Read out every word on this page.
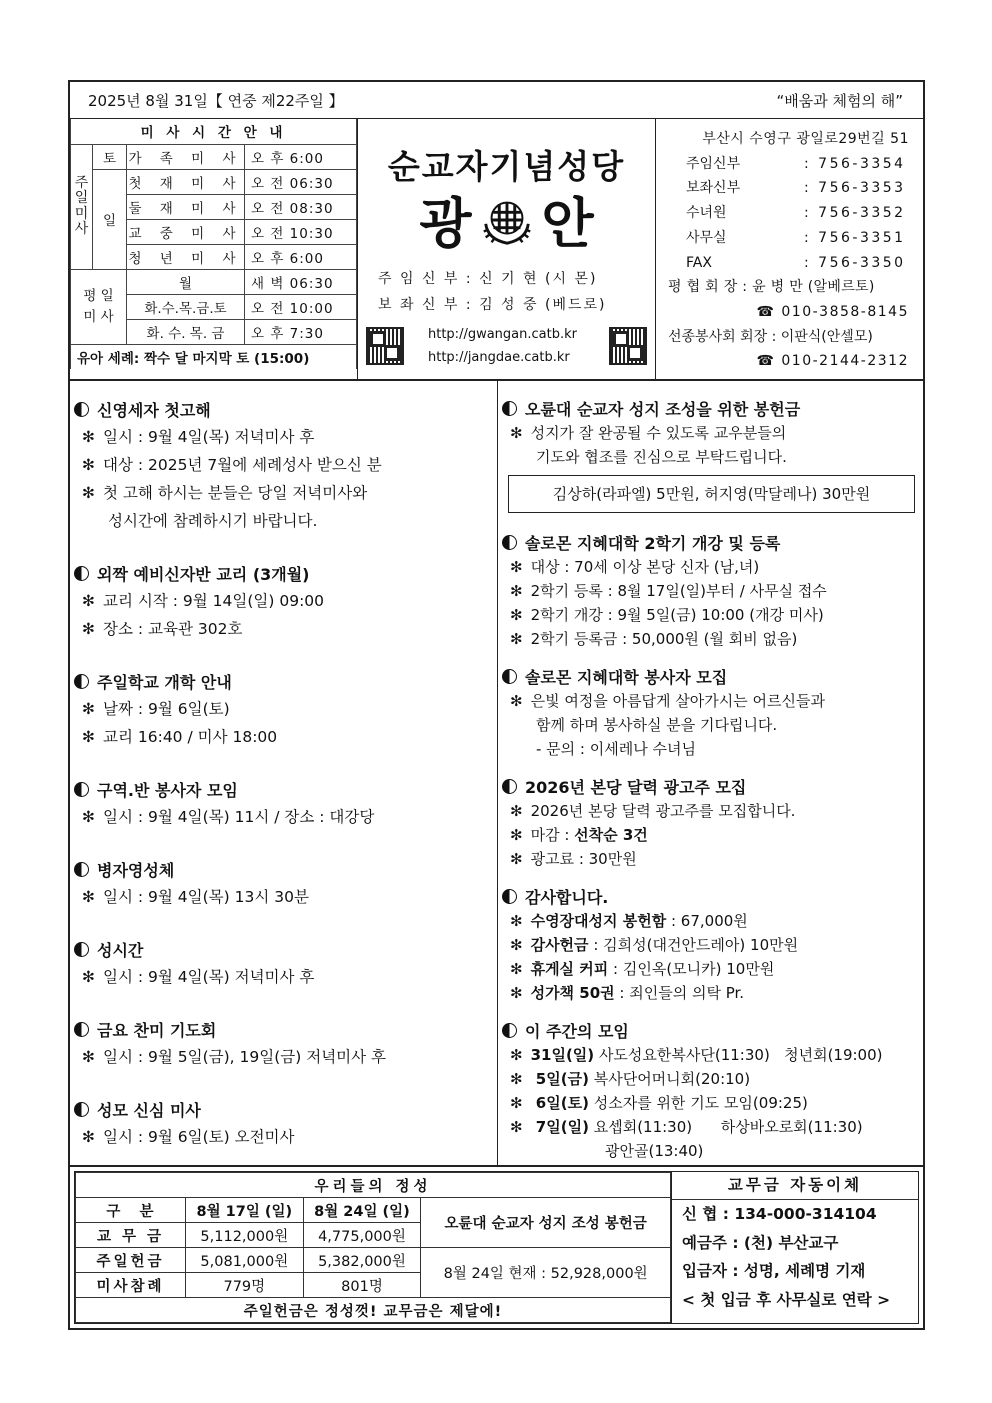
2025년 8월 31일【 연중 제22주일 】	“배움과 체험의 해”
미 사 시 간 안 내			
주
일
미
사	토	가 족 미 사	오 후 6:00
	일	첫 재 미 사	오 전 06:30
		둘 재 미 사	오 전 08:30
		교 중 미 사	오 전 10:30
		청 년 미 사	오 후 6:00
평 일
미 사		월	새 벽 06:30
		화.수.목.금.토	오 전 10:00
		화. 수. 목. 금	오 후 7:30
유아 세례: 짝수 달 마지막 토 (15:00)			
순교자기념성당
광 안
주 임 신 부 : 신 기 현 (시 몬)
보 좌 신 부 : 김 성 중 (베드로)
http://gwangan.catb.kr
http://jangdae.catb.kr
부산시 수영구 광일로29번길 51
주임신부	: 756-3354
보좌신부	: 756-3353
수녀원	: 756-3352
사무실	: 756-3351
FAX	: 756-3350
평 협 회 장 : 윤 병 만 (알베르토)
☎ 010-3858-8145
선종봉사회 회장 : 이판식(안셀모)
☎ 010-2144-2312
신영세자 첫고해
✻ 일시 : 9월 4일(목) 저녁미사 후
✻ 대상 : 2025년 7월에 세례성사 받으신 분
✻ 첫 고해 하시는 분들은 당일 저녁미사와
성시간에 참례하시기 바랍니다.
외짝 예비신자반 교리 (3개월)
✻ 교리 시작 : 9월 14일(일) 09:00
✻ 장소 : 교육관 302호
주일학교 개학 안내
✻ 날짜 : 9월 6일(토)
✻ 교리 16:40 / 미사 18:00
구역.반 봉사자 모임
✻ 일시 : 9월 4일(목) 11시 / 장소 : 대강당
병자영성체
✻ 일시 : 9월 4일(목) 13시 30분
성시간
✻ 일시 : 9월 4일(목) 저녁미사 후
금요 찬미 기도회
✻ 일시 : 9월 5일(금), 19일(금) 저녁미사 후
성모 신심 미사
✻ 일시 : 9월 6일(토) 오전미사
오륜대 순교자 성지 조성을 위한 봉헌금
✻ 성지가 잘 완공될 수 있도록 교우분들의
기도와 협조를 진심으로 부탁드립니다.
김상하(라파엘) 5만원, 허지영(막달레나) 30만원
솔로몬 지혜대학 2학기 개강 및 등록
✻ 대상 : 70세 이상 본당 신자 (남,녀)
✻ 2학기 등록 : 8월 17일(일)부터 / 사무실 접수
✻ 2학기 개강 : 9월 5일(금) 10:00 (개강 미사)
✻ 2학기 등록금 : 50,000원 (월 회비 없음)
솔로몬 지혜대학 봉사자 모집
✻ 은빛 여정을 아름답게 살아가시는 어르신들과
함께 하며 봉사하실 분을 기다립니다.
- 문의 : 이세레나 수녀님
2026년 본당 달력 광고주 모집
✻ 2026년 본당 달력 광고주를 모집합니다.
✻ 마감 : 선착순 3건
✻ 광고료 : 30만원
감사합니다.
✻ 수영장대성지 봉헌함 : 67,000원
✻ 감사헌금 : 김희성(대건안드레아) 10만원
✻ 휴게실 커피 : 김인옥(모니카) 10만원
✻ 성가책 50권 : 죄인들의 의탁 Pr.
이 주간의 모임
✻ 31일(일) 사도성요한복사단(11:30)   청년회(19:00)
✻ 5일(금) 복사단어머니회(20:10)
✻ 6일(토) 성소자를 위한 기도 모임(09:25)
✻ 7일(일) 요셉회(11:30)      하상바오로회(11:30)
광안골(13:40)
우리들의 정성			
구   분	8월 17일 (일)	8월 24일 (일)	오륜대 순교자 성지 조성 봉헌금
교 무 금	5,112,000원	4,775,000원	
주일헌금	5,081,000원	5,382,000원	8월 24일 현재 : 52,928,000원
미사참례	779명	801명	
주일헌금은 정성껏! 교무금은 제달에!			
교무금 자동이체
신 협 : 134-000-314104
예금주 : (천) 부산교구
입금자 : 성명, 세례명 기재
< 첫 입금 후 사무실로 연락 >
